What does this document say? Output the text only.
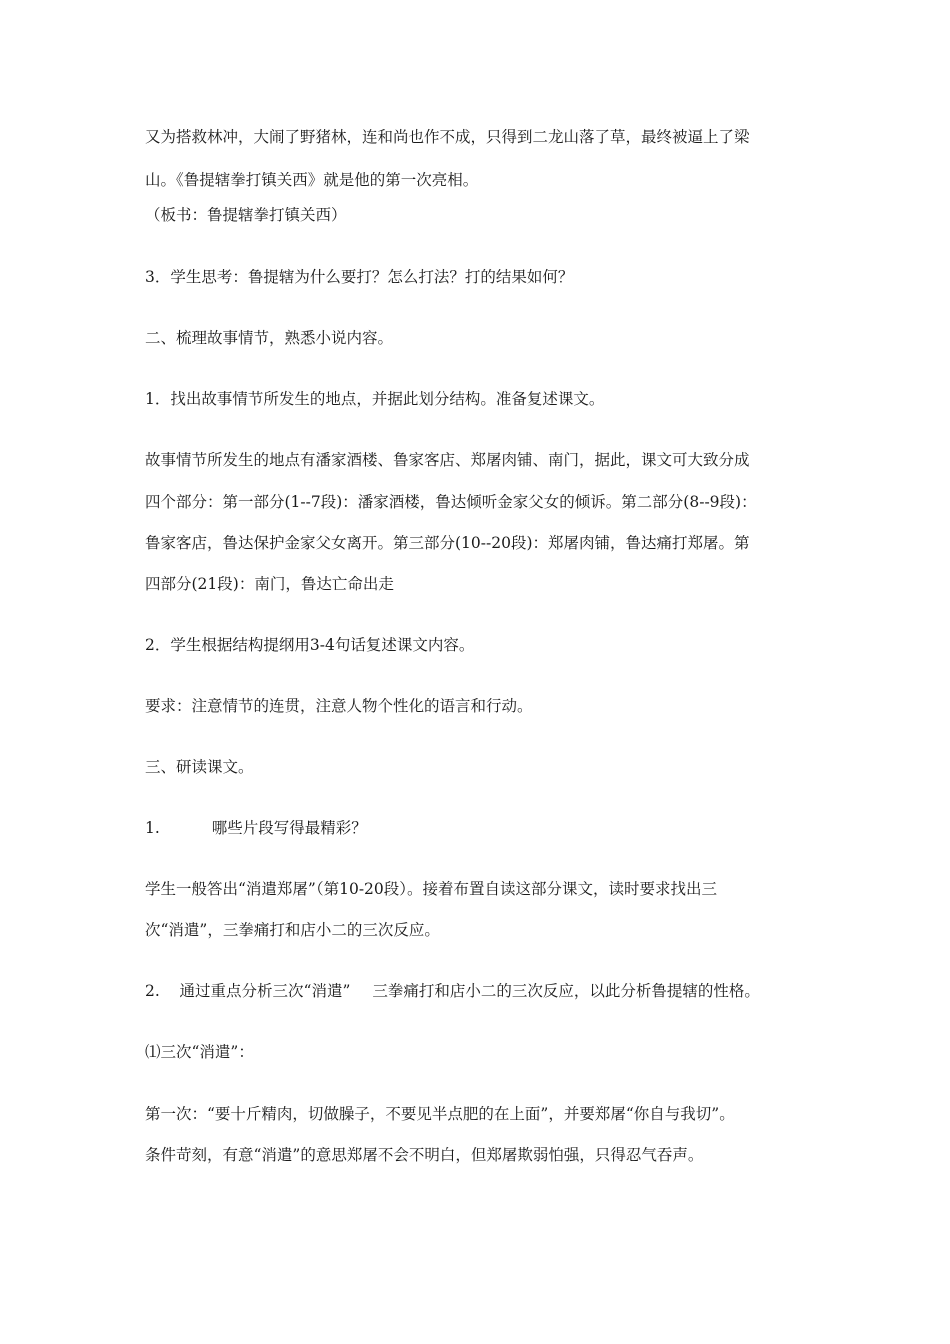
又为搭救林冲，大闹了野猪林，连和尚也作不成，只得到二龙山落了草，最终被逼上了梁
山。《鲁提辖拳打镇关西》就是他的第一次亮相。
（板书：鲁提辖拳打镇关西）
3．学生思考：鲁提辖为什么要打？怎么打法？打的结果如何？
二、梳理故事情节，熟悉小说内容。
1．找出故事情节所发生的地点，并据此划分结构。准备复述课文。
故事情节所发生的地点有潘家酒楼、鲁家客店、郑屠肉铺、南门，据此，课文可大致分成
四个部分：第一部分(1--7段)：潘家酒楼，鲁达倾听金家父女的倾诉。第二部分(8--9段)：
鲁家客店，鲁达保护金家父女离开。第三部分(10--20段)：郑屠肉铺，鲁达痛打郑屠。第
四部分(21段)：南门，鲁达亡命出走
2．学生根据结构提纲用3-4句话复述课文内容。
要求：注意情节的连贯，注意人物个性化的语言和行动。
三、研读课文。
1.	哪些片段写得最精彩？
学生一般答出“消遣郑屠”（第10-20段）。接着布置自读这部分课文，读时要求找出三
次“消遣”，三拳痛打和店小二的三次反应。
2. 通过重点分析三次“消遣” 三拳痛打和店小二的三次反应，以此分析鲁提辖的性格。
⑴三次“消遣”：
第一次：“要十斤精肉，切做臊子，不要见半点肥的在上面”，并要郑屠“你自与我切”。
条件苛刻，有意“消遣”的意思郑屠不会不明白，但郑屠欺弱怕强，只得忍气吞声。
